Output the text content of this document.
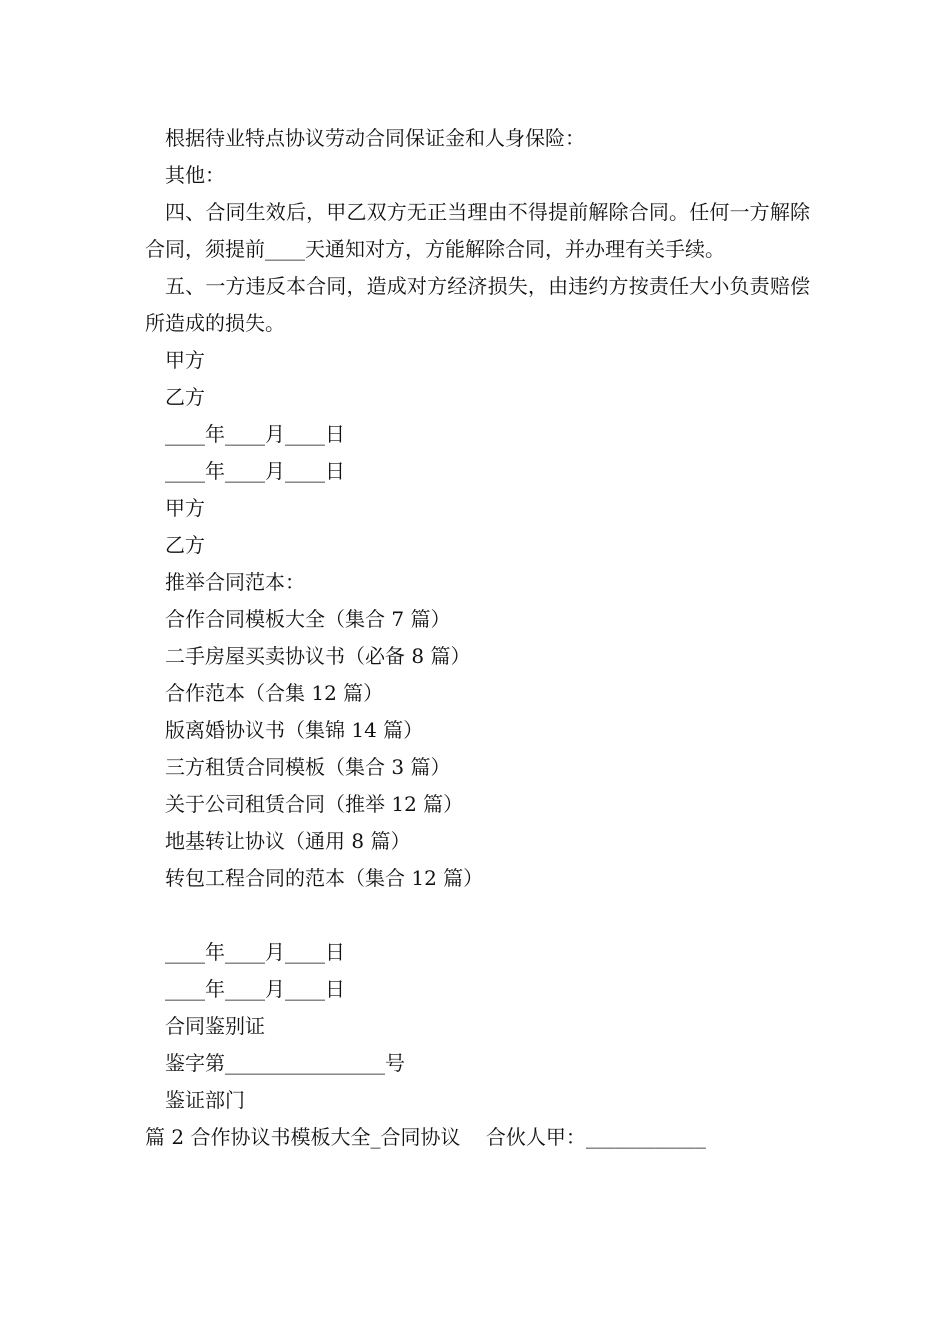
根据待业特点协议劳动合同保证金和人身保险：

其他：

四、合同生效后，甲乙双方无正当理由不得提前解除合同。任何一方解除合同，须提前____天通知对方，方能解除合同，并办理有关手续。

五、一方违反本合同，造成对方经济损失，由违约方按责任大小负责赔偿所造成的损失。

甲方
乙方
____年____月____日
____年____月____日
甲方
乙方
推举合同范本：
合作合同模板大全（集合 7 篇）
二手房屋买卖协议书（必备 8 篇）
合作范本（合集 12 篇）
版离婚协议书（集锦 14 篇）
三方租赁合同模板（集合 3 篇）
关于公司租赁合同（推举 12 篇）
地基转让协议（通用 8 篇）
转包工程合同的范本（集合 12 篇）
____年____月____日
____年____月____日
合同鉴别证
鉴字第________________号
鉴证部门
篇 2 合作协议书模板大全_合同协议    合伙人甲：____________
